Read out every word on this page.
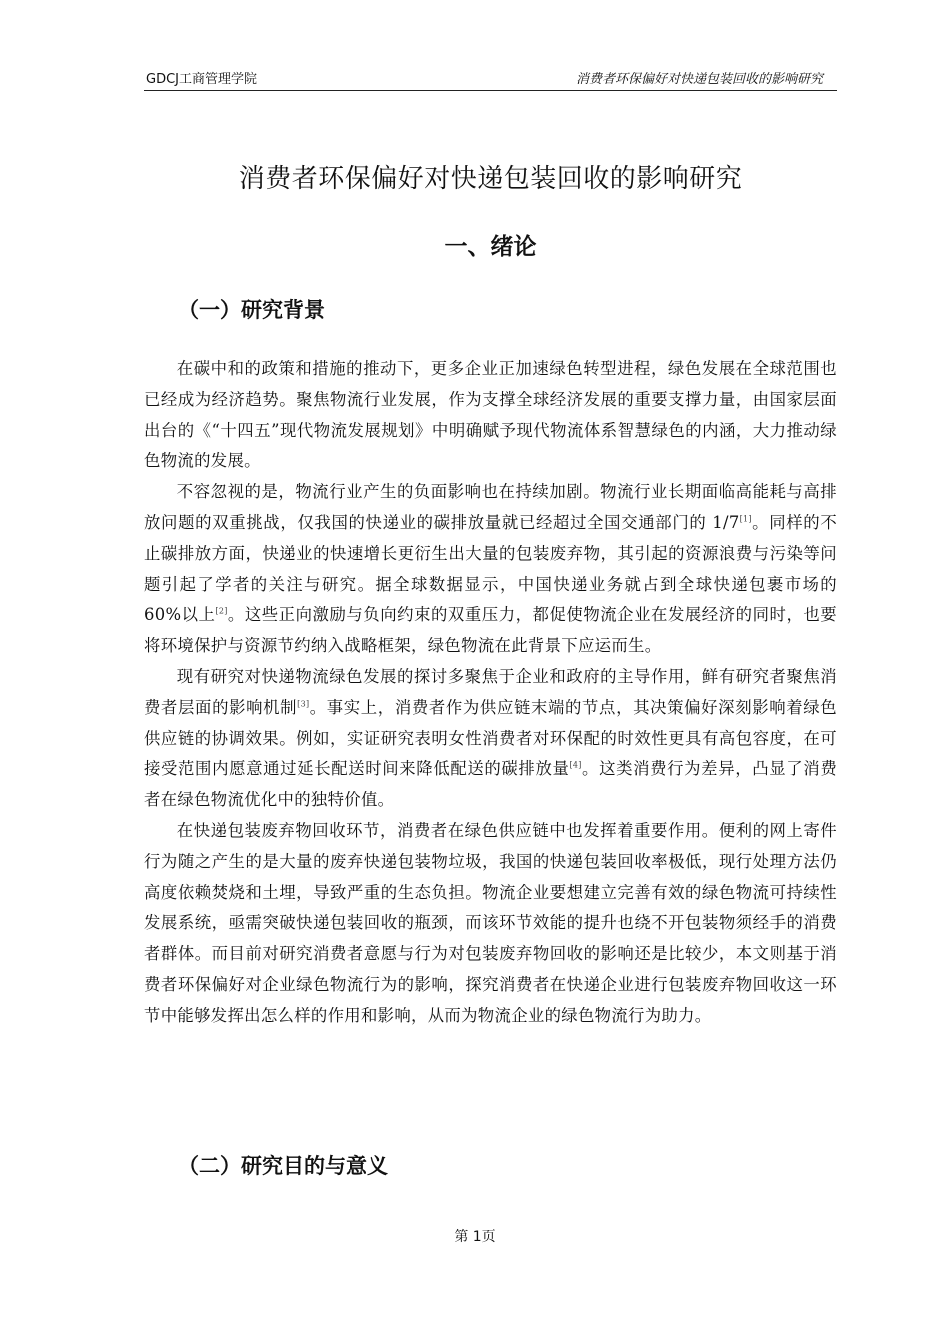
GDCJ工商管理学院	消费者环保偏好对快递包装回收的影响研究
消费者环保偏好对快递包装回收的影响研究
一、绪论
（一）研究背景

在碳中和的政策和措施的推动下，更多企业正加速绿色转型进程，绿色发展在全球范围也已经成为经济趋势。聚焦物流行业发展，作为支撑全球经济发展的重要支撑力量，由国家层面出台的《“十四五”现代物流发展规划》中明确赋予现代物流体系智慧绿色的内涵，大力推动绿色物流的发展。

不容忽视的是，物流行业产生的负面影响也在持续加剧。物流行业长期面临高能耗与高排放问题的双重挑战，仅我国的快递业的碳排放量就已经超过全国交通部门的 1/7[1]。同样的不止碳排放方面，快递业的快速增长更衍生出大量的包装废弃物，其引起的资源浪费与污染等问题引起了学者的关注与研究。据全球数据显示，中国快递业务就占到全球快递包裹市场的 60%以上[2]。这些正向激励与负向约束的双重压力，都促使物流企业在发展经济的同时，也要将环境保护与资源节约纳入战略框架，绿色物流在此背景下应运而生。

现有研究对快递物流绿色发展的探讨多聚焦于企业和政府的主导作用，鲜有研究者聚焦消费者层面的影响机制[3]。事实上，消费者作为供应链末端的节点，其决策偏好深刻影响着绿色供应链的协调效果。例如，实证研究表明女性消费者对环保配的时效性更具有高包容度，在可接受范围内愿意通过延长配送时间来降低配送的碳排放量[4]。这类消费行为差异，凸显了消费者在绿色物流优化中的独特价值。

在快递包装废弃物回收环节，消费者在绿色供应链中也发挥着重要作用。便利的网上寄件行为随之产生的是大量的废弃快递包装物垃圾，我国的快递包装回收率极低，现行处理方法仍高度依赖焚烧和土埋，导致严重的生态负担。物流企业要想建立完善有效的绿色物流可持续性发展系统，亟需突破快递包装回收的瓶颈，而该环节效能的提升也绕不开包装物须经手的消费者群体。而目前对研究消费者意愿与行为对包装废弃物回收的影响还是比较少，本文则基于消费者环保偏好对企业绿色物流行为的影响，探究消费者在快递企业进行包装废弃物回收这一环节中能够发挥出怎么样的作用和影响，从而为物流企业的绿色物流行为助力。

（二）研究目的与意义
第 1页
